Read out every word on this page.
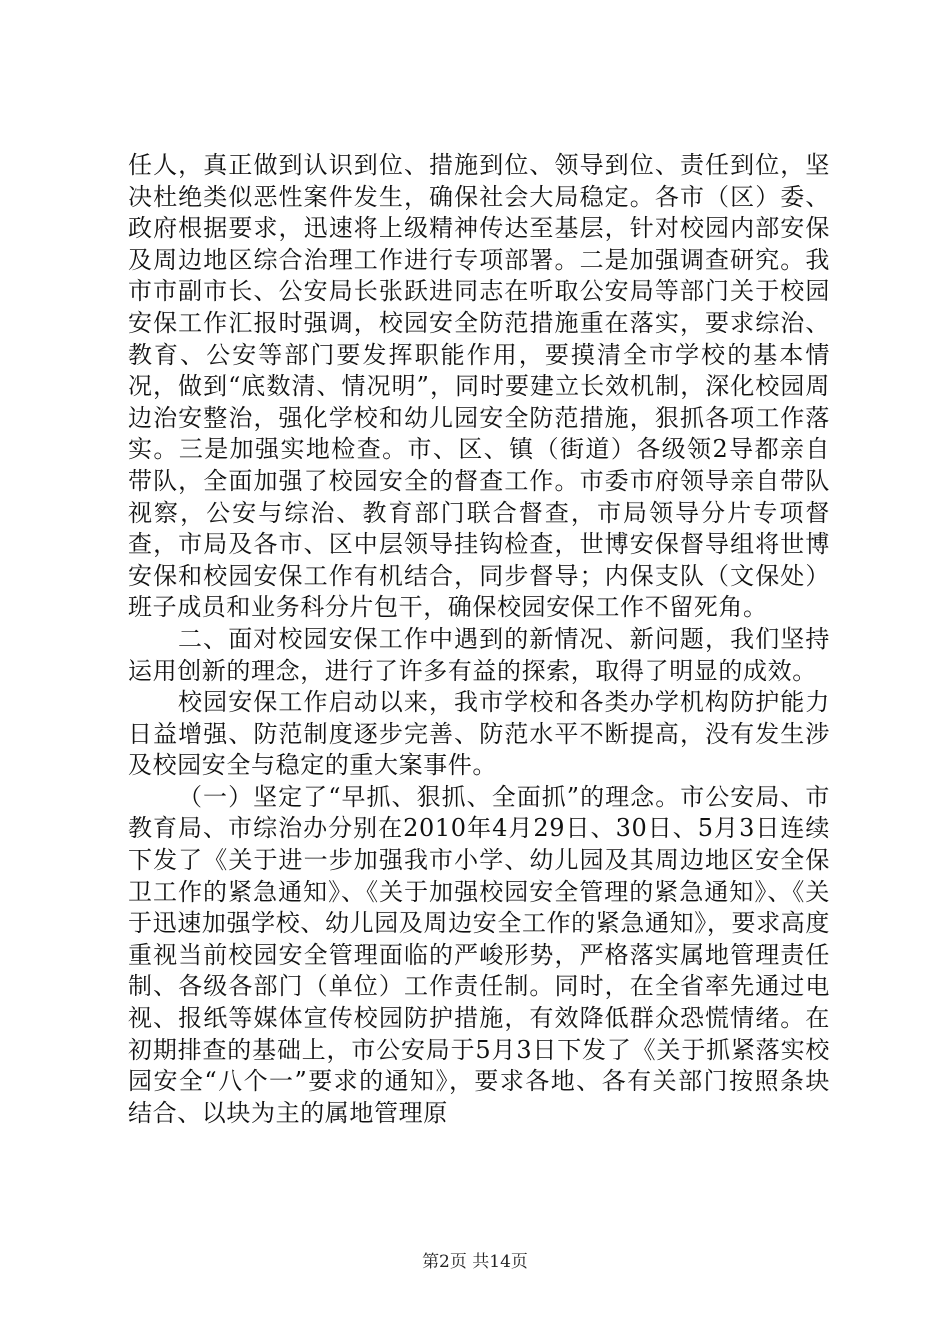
任人，真正做到认识到位、措施到位、领导到位、责任到位，坚决杜绝类似恶性案件发生，确保社会大局稳定。各市（区）委、政府根据要求，迅速将上级精神传达至基层，针对校园内部安保及周边地区综合治理工作进行专项部署。二是加强调查研究。我市市副市长、公安局长张跃进同志在听取公安局等部门关于校园安保工作汇报时强调，校园安全防范措施重在落实，要求综治、教育、公安等部门要发挥职能作用，要摸清全市学校的基本情况，做到“底数清、情况明”，同时要建立长效机制，深化校园周边治安整治，强化学校和幼儿园安全防范措施，狠抓各项工作落实。三是加强实地检查。市、区、镇（街道）各级领2导都亲自带队，全面加强了校园安全的督查工作。市委市府领导亲自带队视察，公安与综治、教育部门联合督查，市局领导分片专项督查，市局及各市、区中层领导挂钩检查，世博安保督导组将世博安保和校园安保工作有机结合，同步督导；内保支队（文保处）班子成员和业务科分片包干，确保校园安保工作不留死角。

二、面对校园安保工作中遇到的新情况、新问题，我们坚持运用创新的理念，进行了许多有益的探索，取得了明显的成效。

校园安保工作启动以来，我市学校和各类办学机构防护能力日益增强、防范制度逐步完善、防范水平不断提高，没有发生涉及校园安全与稳定的重大案事件。

（一）坚定了“早抓、狠抓、全面抓”的理念。市公安局、市教育局、市综治办分别在2010年4月29日、30日、5月3日连续下发了《关于进一步加强我市小学、幼儿园及其周边地区安全保卫工作的紧急通知》、《关于加强校园安全管理的紧急通知》、《关于迅速加强学校、幼儿园及周边安全工作的紧急通知》，要求高度重视当前校园安全管理面临的严峻形势，严格落实属地管理责任制、各级各部门（单位）工作责任制。同时，在全省率先通过电视、报纸等媒体宣传校园防护措施，有效降低群众恐慌情绪。在初期排查的基础上，市公安局于5月3日下发了《关于抓紧落实校园安全“八个一”要求的通知》，要求各地、各有关部门按照条块结合、以块为主的属地管理原

第2页 共14页
